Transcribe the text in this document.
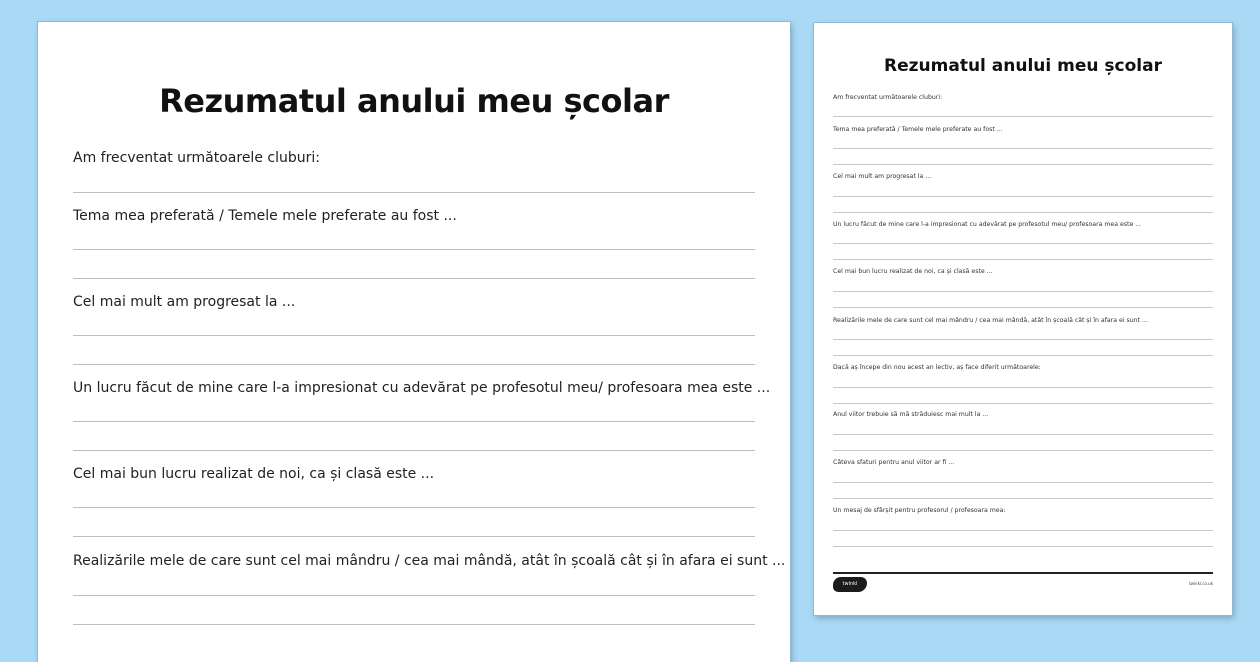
Rezumatul anului meu școlar
Am frecventat următoarele cluburi:
Tema mea preferată / Temele mele preferate au fost ...
Cel mai mult am progresat la ...
Un lucru făcut de mine care l-a impresionat cu adevărat pe profesotul meu/ profesoara mea este ...
Cel mai bun lucru realizat de noi, ca și clasă este ...
Realizările mele de care sunt cel mai mândru / cea mai mândă, atât în școală cât și în afara ei sunt ...
Rezumatul anului meu școlar
Am frecventat următoarele cluburi:
Tema mea preferată / Temele mele preferate au fost ...
Cel mai mult am progresat la ...
Un lucru făcut de mine care l-a impresionat cu adevărat pe profesotul meu/ profesoara mea este ...
Cel mai bun lucru realizat de noi, ca și clasă este ...
Realizările mele de care sunt cel mai mândru / cea mai mândă, atât în școală cât și în afara ei sunt ...
Dacă aș începe din nou acest an lectiv, aș face diferit următoarele:
Anul viitor trebuie să mă străduiesc mai mult la ...
Câteva sfaturi pentru anul viitor ar fi ...
Un mesaj de sfârșit pentru profesorul / profesoara mea:
twinkl	twinkl.co.uk
